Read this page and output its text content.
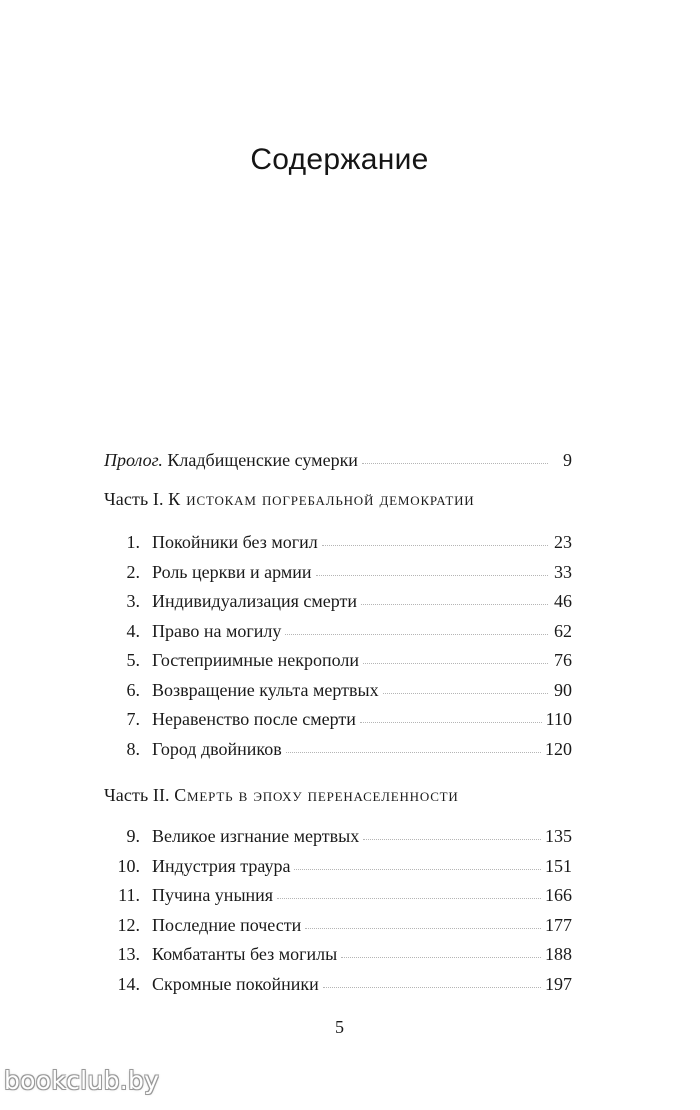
Содержание
Пролог. Кладбищенские сумерки	9
Часть I. К истокам погребальной демократии
1. Покойники без могил	23
2. Роль церкви и армии	33
3. Индивидуализация смерти	46
4. Право на могилу	62
5. Гостеприимные некрополи	76
6. Возвращение культа мертвых	90
7. Неравенство после смерти	110
8. Город двойников	120
Часть II. Смерть в эпоху перенаселенности
9. Великое изгнание мертвых	135
10. Индустрия траура	151
11. Пучина уныния	166
12. Последние почести	177
13. Комбатанты без могилы	188
14. Скромные покойники	197
5
bookclub.by
